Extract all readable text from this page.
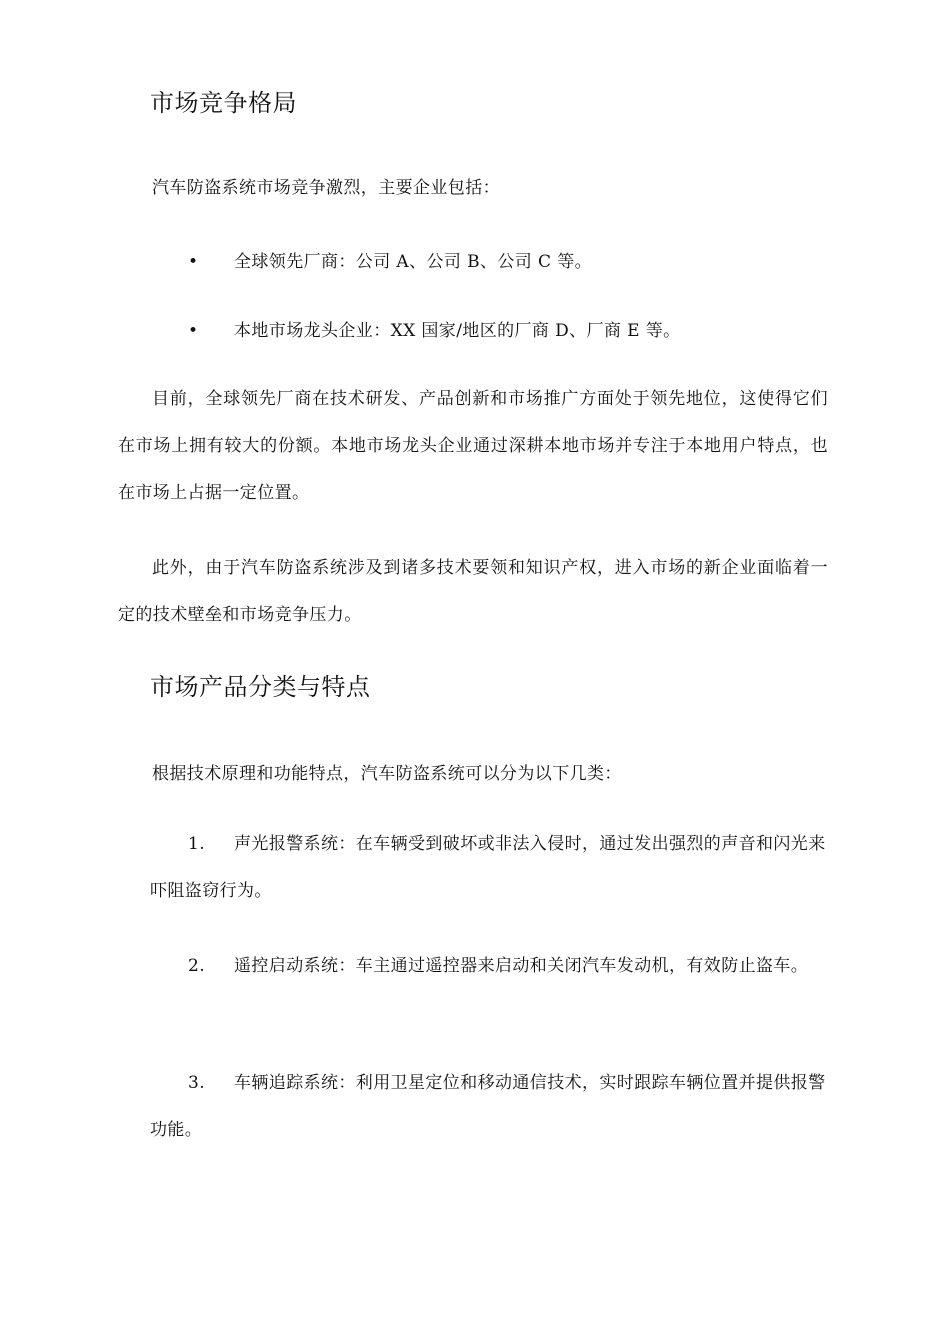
市场竞争格局
汽车防盗系统市场竞争激烈，主要企业包括：
• 全球领先厂商：公司 A、公司 B、公司 C 等。
• 本地市场龙头企业：XX 国家/地区的厂商 D、厂商 E 等。
目前，全球领先厂商在技术研发、产品创新和市场推广方面处于领先地位，这使得它们在市场上拥有较大的份额。本地市场龙头企业通过深耕本地市场并专注于本地用户特点，也在市场上占据一定位置。
此外，由于汽车防盗系统涉及到诸多技术要领和知识产权，进入市场的新企业面临着一定的技术壁垒和市场竞争压力。
市场产品分类与特点
根据技术原理和功能特点，汽车防盗系统可以分为以下几类：
1. 声光报警系统：在车辆受到破坏或非法入侵时，通过发出强烈的声音和闪光来吓阻盗窃行为。
2. 遥控启动系统：车主通过遥控器来启动和关闭汽车发动机，有效防止盗车。
3. 车辆追踪系统：利用卫星定位和移动通信技术，实时跟踪车辆位置并提供报警功能。
